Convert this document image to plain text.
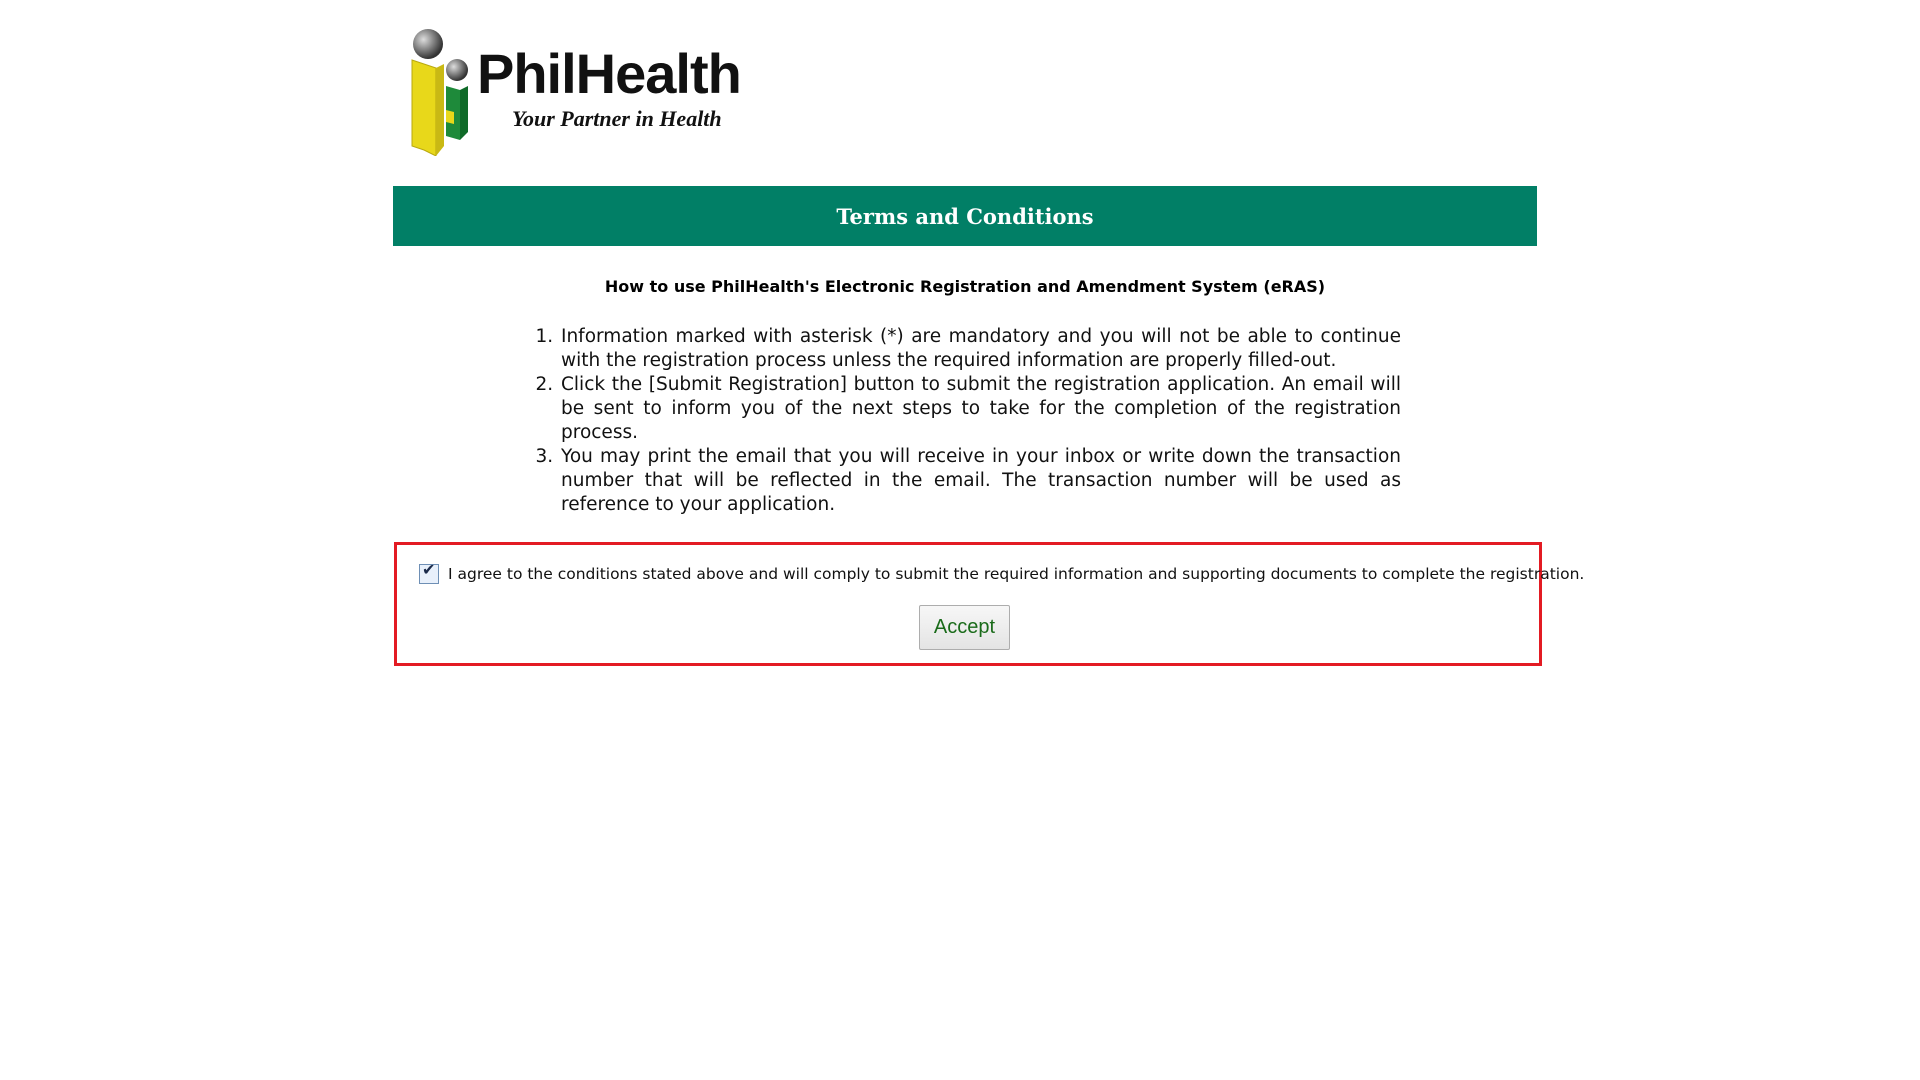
PhilHealth
Your Partner in Health
Terms and Conditions
How to use PhilHealth's Electronic Registration and Amendment System (eRAS)
1. Information marked with asterisk (*) are mandatory and you will not be able to continue with the registration process unless the required information are properly filled-out.
2. Click the [Submit Registration] button to submit the registration application. An email will be sent to inform you of the next steps to take for the completion of the registration process.
3. You may print the email that you will receive in your inbox or write down the transaction number that will be reflected in the email. The transaction number will be used as reference to your application.
✔ I agree to the conditions stated above and will comply to submit the required information and supporting documents to complete the registration.
Accept
